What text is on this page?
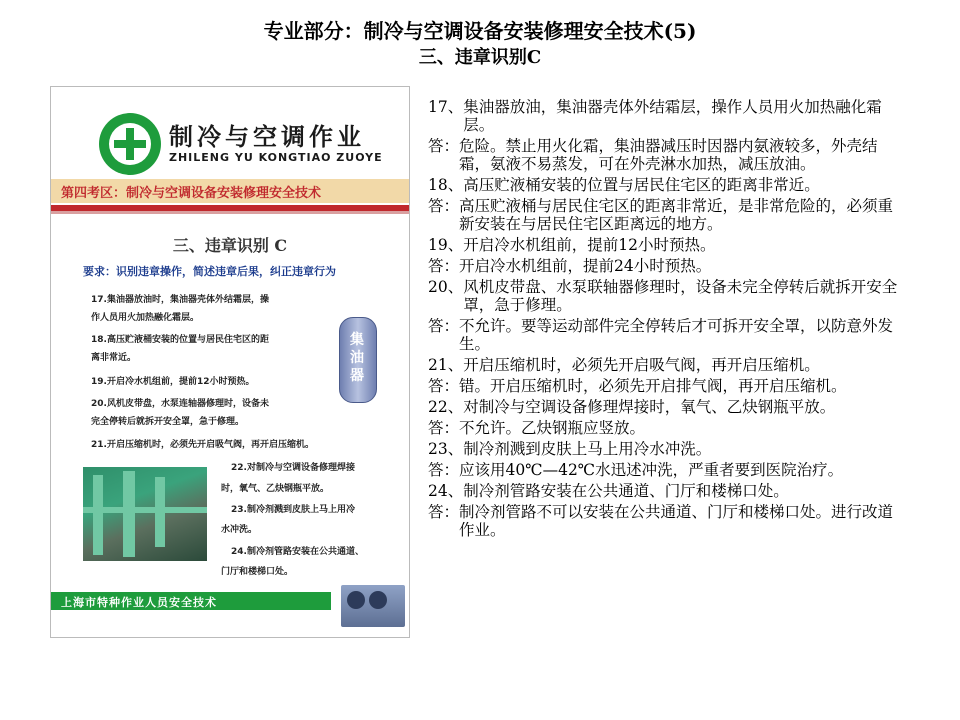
专业部分：制冷与空调设备安装修理安全技术(5)
三、违章识别C
制冷与空调作业
ZHILENG YU KONGTIAO ZUOYE
第四考区：制冷与空调设备安装修理安全技术
三、违章识别 C
要求：识别违章操作，简述违章后果，纠正违章行为
17.集油器放油时，集油器壳体外结霜层，操
作人员用火加热融化霜层。
18.高压贮液桶安装的位置与居民住宅区的距
离非常近。
19.开启冷水机组前，提前12小时预热。
20.风机皮带盘，水泵连轴器修理时，设备未
完全停转后就拆开安全罩，急于修理。
21.开启压缩机时，必须先开启吸气阀，再开启压缩机。
集油器
22.对制冷与空调设备修理焊接
时，氧气、乙炔钢瓶平放。
23.制冷剂溅到皮肤上马上用冷
水冲洗。
24.制冷剂管路安装在公共通道、
门厅和楼梯口处。
上海市特种作业人员安全技术
17、 集油器放油，集油器壳体外结霜层，操作人员用火加热融化霜层。
答： 危险。禁止用火化霜，集油器减压时因器内氨液较多，外壳结霜，氨液不易蒸发，可在外壳淋水加热，减压放油。
18、 高压贮液桶安装的位置与居民住宅区的距离非常近。
答： 高压贮液桶与居民住宅区的距离非常近，是非常危险的，必须重新安装在与居民住宅区距离远的地方。
19、 开启冷水机组前，提前12小时预热。
答： 开启冷水机组前，提前24小时预热。
20、 风机皮带盘、水泵联轴器修理时，设备未完全停转后就拆开安全罩，急于修理。
答： 不允许。要等运动部件完全停转后才可拆开安全罩，以防意外发生。
21、 开启压缩机时，必须先开启吸气阀，再开启压缩机。
答： 错。开启压缩机时，必须先开启排气阀，再开启压缩机。
22、 对制冷与空调设备修理焊接时，氧气、乙炔钢瓶平放。
答： 不允许。乙炔钢瓶应竖放。
23、 制冷剂溅到皮肤上马上用冷水冲洗。
答： 应该用40℃—42℃水迅述冲洗，严重者要到医院治疗。
24、 制冷剂管路安装在公共通道、门厅和楼梯口处。
答： 制冷剂管路不可以安装在公共通道、门厅和楼梯口处。进行改道作业。
